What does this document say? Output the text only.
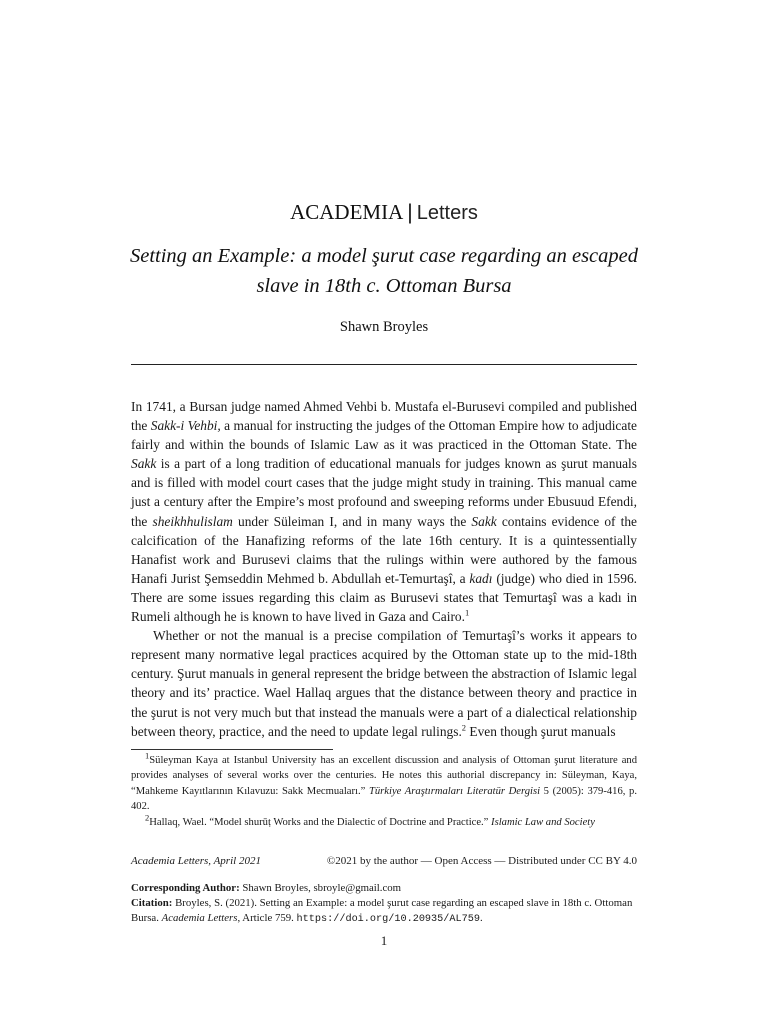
ACADEMIA | Letters
Setting an Example: a model şurut case regarding an escaped slave in 18th c. Ottoman Bursa
Shawn Broyles

In 1741, a Bursan judge named Ahmed Vehbi b. Mustafa el-Burusevi compiled and published the Sakk-i Vehbi, a manual for instructing the judges of the Ottoman Empire how to adjudicate fairly and within the bounds of Islamic Law as it was practiced in the Ottoman State. The Sakk is a part of a long tradition of educational manuals for judges known as şurut manuals and is filled with model court cases that the judge might study in training. This manual came just a century after the Empire’s most profound and sweeping reforms under Ebusuud Efendi, the sheikhhulislam under Süleiman I, and in many ways the Sakk contains evidence of the calcification of the Hanafizing reforms of the late 16th century. It is a quintessentially Hanafist work and Burusevi claims that the rulings within were authored by the famous Hanafi Jurist Şemseddin Mehmed b. Abdullah et-Temurtaşî, a kadı (judge) who died in 1596. There are some issues regarding this claim as Burusevi states that Temurtaşî was a kadı in Rumeli although he is known to have lived in Gaza and Cairo.$^1$

Whether or not the manual is a precise compilation of Temurtaşî’s works it appears to represent many normative legal practices acquired by the Ottoman state up to the mid-18th century. Şurut manuals in general represent the bridge between the abstraction of Islamic legal theory and its’ practice. Wael Hallaq argues that the distance between theory and practice in the şurut is not very much but that instead the manuals were a part of a dialectical relationship between theory, practice, and the need to update legal rulings.$^2$ Even though şurut manuals

$^1$Süleyman Kaya at Istanbul University has an excellent discussion and analysis of Ottoman şurut literature and provides analyses of several works over the centuries. He notes this authorial discrepancy in: Süleyman, Kaya, “Mahkeme Kayıtlarının Kılavuzu: Sakk Mecmuaları.” Türkiye Araştırmaları Literatür Dergisi 5 (2005): 379-416, p. 402.

$^2$Hallaq, Wael. “Model shurūṭ Works and the Dialectic of Doctrine and Practice.” Islamic Law and Society

Academia Letters, April 2021	©2021 by the author — Open Access — Distributed under CC BY 4.0

Corresponding Author: Shawn Broyles, sbroyle@gmail.com

Citation: Broyles, S. (2021). Setting an Example: a model şurut case regarding an escaped slave in 18th c. Ottoman Bursa. Academia Letters, Article 759. https://doi.org/10.20935/AL759.

1
